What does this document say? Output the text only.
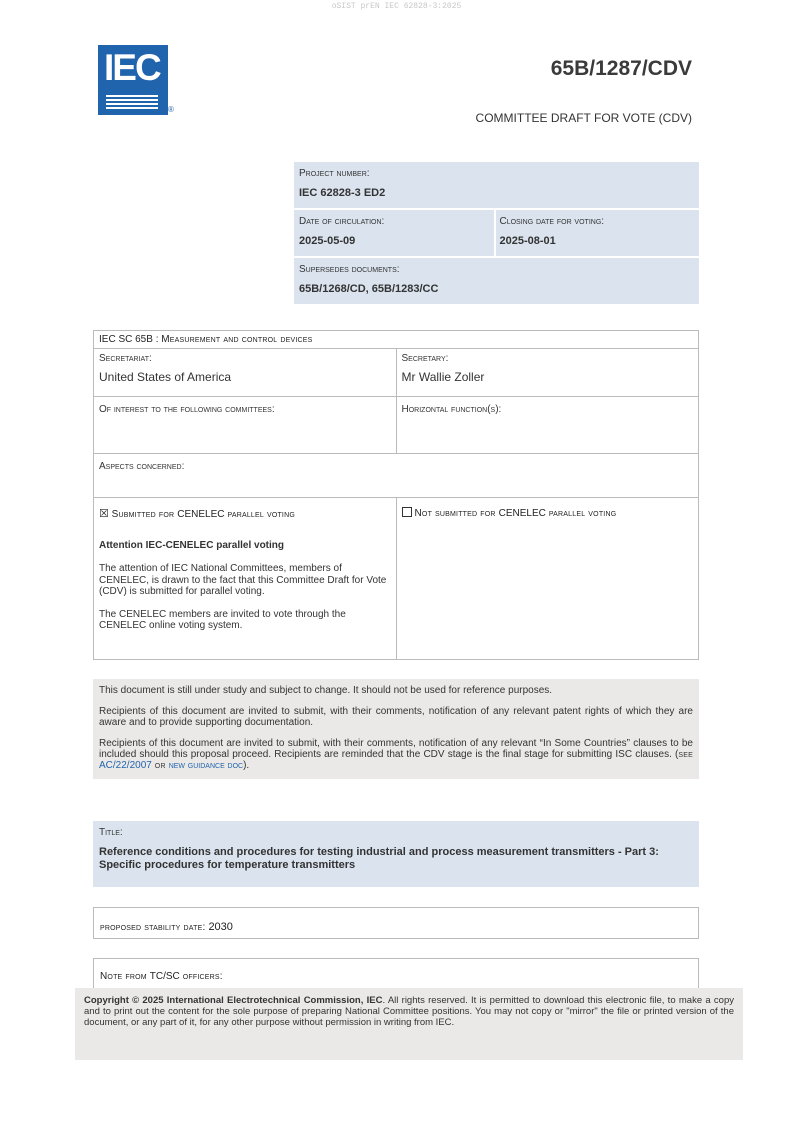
oSIST prEN IEC 62828-3:2025
IEC
®
65B/1287/CDV
COMMITTEE DRAFT FOR VOTE (CDV)
Project number:
IEC 62828-3 ED2
Date of circulation:
2025-05-09
Closing date for voting:
2025-08-01
Supersedes documents:
65B/1268/CD, 65B/1283/CC
IEC SC 65B : Measurement and control devices
Secretariat:
United States of America
Secretary:
Mr Wallie Zoller
Of interest to the following committees:	Horizontal function(s):
Aspects concerned:
☒ Submitted for CENELEC parallel voting
Attention IEC-CENELEC parallel voting
The attention of IEC National Committees, members of CENELEC, is drawn to the fact that this Committee Draft for Vote (CDV) is submitted for parallel voting.
The CENELEC members are invited to vote through the CENELEC online voting system.
Not submitted for CENELEC parallel voting

This document is still under study and subject to change. It should not be used for reference purposes.

Recipients of this document are invited to submit, with their comments, notification of any relevant patent rights of which they are aware and to provide supporting documentation.

Recipients of this document are invited to submit, with their comments, notification of any relevant “In Some Countries” clauses to be included should this proposal proceed. Recipients are reminded that the CDV stage is the final stage for submitting ISC clauses. (see AC/22/2007 or new guidance doc).

Title:
Reference conditions and procedures for testing industrial and process measurement transmitters - Part 3: Specific procedures for temperature transmitters
proposed stability date: 2030
Note from TC/SC officers:
Copyright © 2025 International Electrotechnical Commission, IEC. All rights reserved. It is permitted to download this electronic file, to make a copy and to print out the content for the sole purpose of preparing National Committee positions. You may not copy or "mirror" the file or printed version of the document, or any part of it, for any other purpose without permission in writing from IEC.
